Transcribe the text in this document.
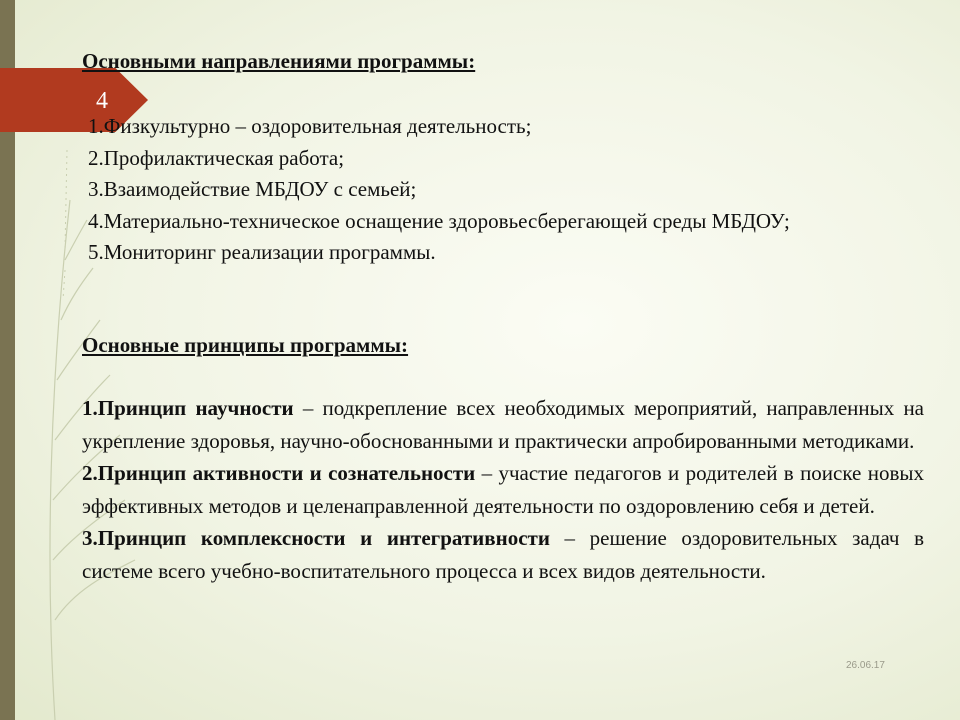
4
Основными направлениями программы:
1.Физкультурно – оздоровительная деятельность;
2.Профилактическая работа;
3.Взаимодействие МБДОУ с семьей;
4.Материально-техническое оснащение здоровьесберегающей среды МБДОУ;
5.Мониторинг реализации программы.
Основные принципы программы:

1.Принцип научности – подкрепление всех необходимых мероприятий, направленных на укрепление здоровья, научно-обоснованными и практически апробированными методиками.

2.Принцип активности и сознательности – участие педагогов и родителей в поиске новых эффективных методов и целенаправленной деятельности по оздоровлению себя и детей.

3.Принцип комплексности и интегративности – решение оздоровительных задач в системе всего учебно-воспитательного процесса и всех видов деятельности.

26.06.17
